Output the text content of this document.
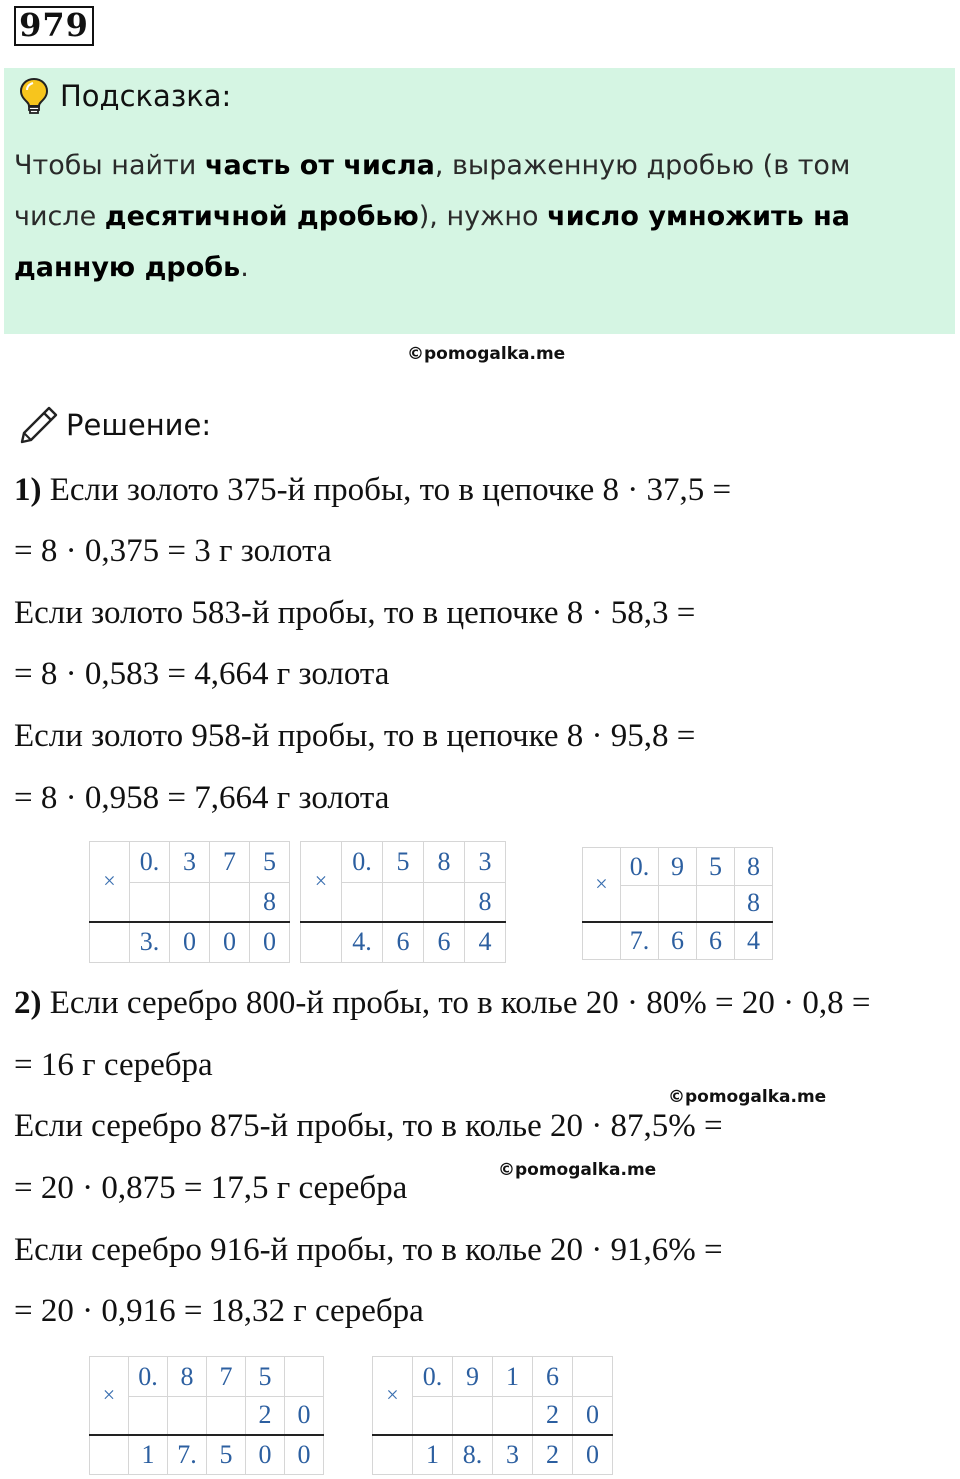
979
Подсказка:
Чтобы найти часть от числа, выраженную дробью (в том
числе десятичной дробью), нужно число умножить на
данную дробь.
©pomogalka.me
Решение:
1) Если золото 375-й пробы, то в цепочке 8 · 37,5 =
= 8 · 0,375 = 3 г золота
Если золото 583-й пробы, то в цепочке 8 · 58,3 =
= 8 · 0,583 = 4,664 г золота
Если золото 958-й пробы, то в цепочке 8 · 95,8 =
= 8 · 0,958 = 7,664 г золота
×	0.	3	7	5
				8
	3.	0	0	0
×	0.	5	8	3
				8
	4.	6	6	4
×	0.	9	5	8
				8
	7.	6	6	4
2) Если серебро 800-й пробы, то в колье 20 · 80% = 20 · 0,8 =
= 16 г серебра
©pomogalka.me
Если серебро 875-й пробы, то в колье 20 · 87,5% =
= 20 · 0,875 = 17,5 г серебра	©pomogalka.me
Если серебро 916-й пробы, то в колье 20 · 91,6% =
= 20 · 0,916 = 18,32 г серебра
×	0.	8	7	5	
				2	0
	1	7.	5	0	0
×	0.	9	1	6	
				2	0
	1	8.	3	2	0
